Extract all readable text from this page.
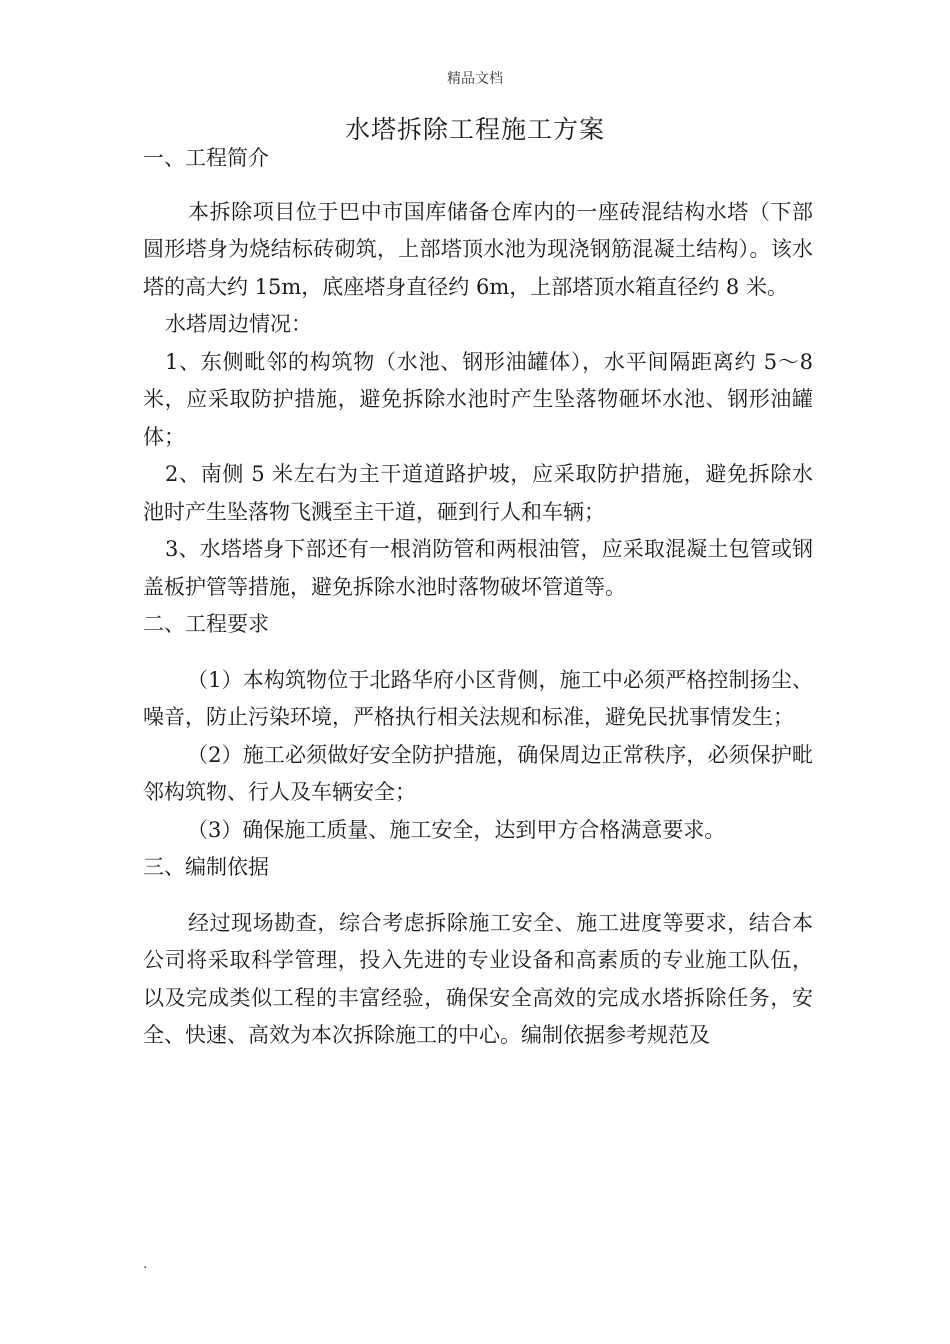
精品文档
水塔拆除工程施工方案

一、工程简介

本拆除项目位于巴中市国库储备仓库内的一座砖混结构水塔（下部圆形塔身为烧结标砖砌筑，上部塔顶水池为现浇钢筋混凝土结构）。该水塔的高大约 15m，底座塔身直径约 6m，上部塔顶水箱直径约 8 米。

水塔周边情况：

1、东侧毗邻的构筑物（水池、钢形油罐体），水平间隔距离约 5～8 米，应采取防护措施，避免拆除水池时产生坠落物砸坏水池、钢形油罐体；

2、南侧 5 米左右为主干道道路护坡，应采取防护措施，避免拆除水池时产生坠落物飞溅至主干道，砸到行人和车辆；

3、水塔塔身下部还有一根消防管和两根油管，应采取混凝土包管或钢盖板护管等措施，避免拆除水池时落物破坏管道等。

二、工程要求

（1）本构筑物位于北路华府小区背侧，施工中必须严格控制扬尘、噪音，防止污染环境，严格执行相关法规和标准，避免民扰事情发生；

（2）施工必须做好安全防护措施，确保周边正常秩序，必须保护毗邻构筑物、行人及车辆安全；

（3）确保施工质量、施工安全，达到甲方合格满意要求。

三、编制依据

经过现场勘查，综合考虑拆除施工安全、施工进度等要求，结合本公司将采取科学管理，投入先进的专业设备和高素质的专业施工队伍，以及完成类似工程的丰富经验，确保安全高效的完成水塔拆除任务，安全、快速、高效为本次拆除施工的中心。编制依据参考规范及

.
